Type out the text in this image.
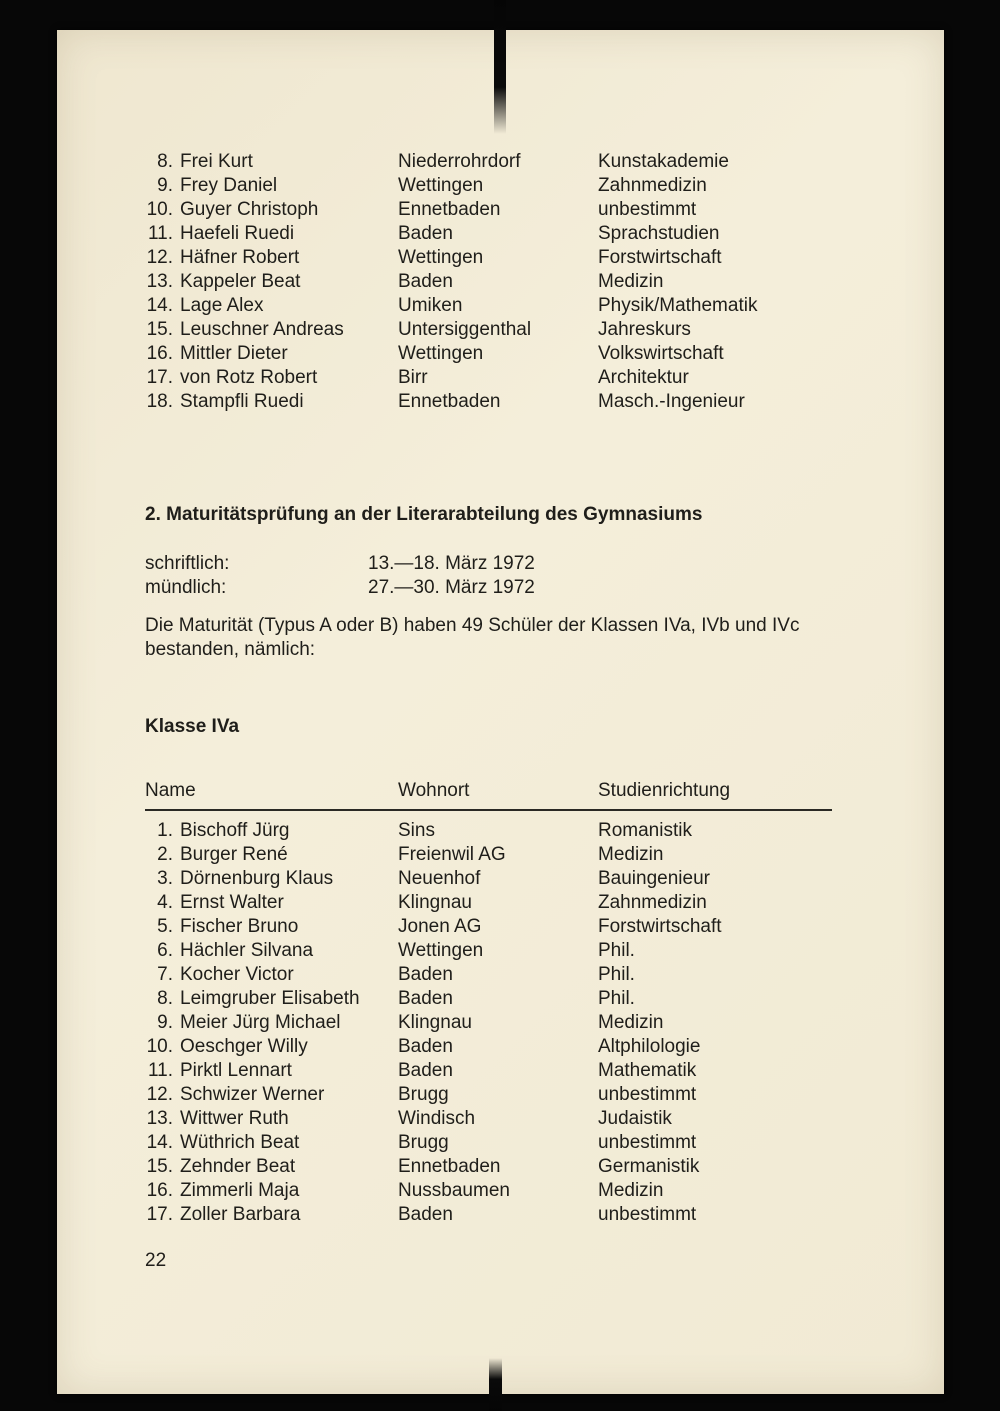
8. Frei Kurt	Niederrohrdorf	Kunstakademie
9. Frey Daniel	Wettingen	Zahnmedizin
10. Guyer Christoph	Ennetbaden	unbestimmt
11. Haefeli Ruedi	Baden	Sprachstudien
12. Häfner Robert	Wettingen	Forstwirtschaft
13. Kappeler Beat	Baden	Medizin
14. Lage Alex	Umiken	Physik/Mathematik
15. Leuschner Andreas	Untersiggenthal	Jahreskurs
16. Mittler Dieter	Wettingen	Volkswirtschaft
17. von Rotz Robert	Birr	Architektur
18. Stampfli Ruedi	Ennetbaden	Masch.-Ingenieur
2. Maturitätsprüfung an der Literarabteilung des Gymnasiums
schriftlich:	13.—18. März 1972
mündlich:	27.—30. März 1972
Die Maturität (Typus A oder B) haben 49 Schüler der Klassen IVa, IVb und IVc bestanden, nämlich:
Klasse IVa
Name	Wohnort	Studienrichtung
1. Bischoff Jürg	Sins	Romanistik
2. Burger René	Freienwil AG	Medizin
3. Dörnenburg Klaus	Neuenhof	Bauingenieur
4. Ernst Walter	Klingnau	Zahnmedizin
5. Fischer Bruno	Jonen AG	Forstwirtschaft
6. Hächler Silvana	Wettingen	Phil.
7. Kocher Victor	Baden	Phil.
8. Leimgruber Elisabeth	Baden	Phil.
9. Meier Jürg Michael	Klingnau	Medizin
10. Oeschger Willy	Baden	Altphilologie
11. Pirktl Lennart	Baden	Mathematik
12. Schwizer Werner	Brugg	unbestimmt
13. Wittwer Ruth	Windisch	Judaistik
14. Wüthrich Beat	Brugg	unbestimmt
15. Zehnder Beat	Ennetbaden	Germanistik
16. Zimmerli Maja	Nussbaumen	Medizin
17. Zoller Barbara	Baden	unbestimmt
22
